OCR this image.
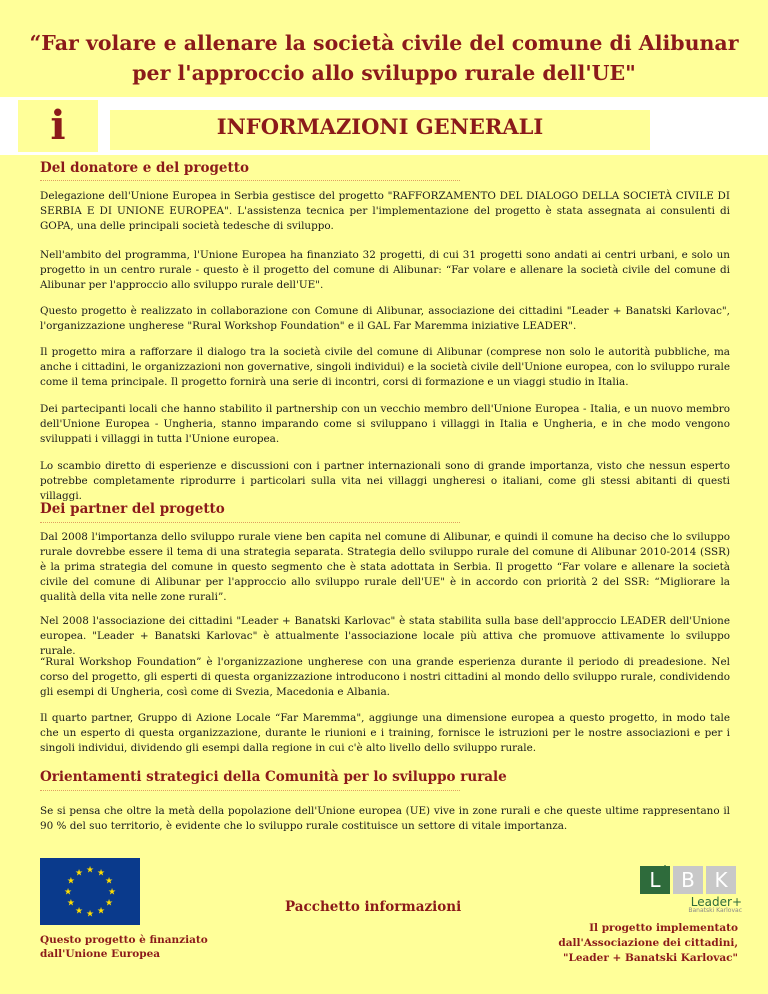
“Far volare e allenare la società civile del comune di Alibunar
per l'approccio allo sviluppo rurale dell'UE"
i	INFORMAZIONI GENERALI
Del donatore e del progetto
Delegazione dell'Unione Europea in Serbia gestisce del progetto "RAFFORZAMENTO DEL DIALOGO DELLA SOCIETÀ CIVILE DI SERBIA E DI UNIONE EUROPEA". L'assistenza tecnica per l'implementazione del progetto è stata assegnata ai consulenti di GOPA, una delle principali società tedesche di sviluppo.
Nell'ambito del programma, l'Unione Europea ha finanziato 32 progetti, di cui 31 progetti sono andati ai centri urbani, e solo un progetto in un centro rurale - questo è il progetto del comune di Alibunar: “Far volare e allenare la società civile del comune di Alibunar per l'approccio allo sviluppo rurale dell'UE".
Questo progetto è realizzato in collaborazione con Comune di Alibunar, associazione dei cittadini "Leader + Banatski Karlovac", l'organizzazione ungherese "Rural Workshop Foundation" e il GAL Far Maremma iniziative LEADER".
Il progetto mira a rafforzare il dialogo tra la società civile del comune di Alibunar (comprese non solo le autorità pubbliche, ma anche i cittadini, le organizzazioni non governative, singoli individui) e la società civile dell'Unione europea, con lo sviluppo rurale come il tema principale. Il progetto fornirà una serie di incontri, corsi di formazione e un viaggi studio in Italia.
Dei partecipanti locali che hanno stabilito il partnership con un vecchio membro dell'Unione Europea - Italia, e un nuovo membro dell'Unione Europea - Ungheria, stanno imparando come si sviluppano i villaggi in Italia e Ungheria, e in che modo vengono sviluppati i villaggi in tutta l'Unione europea.
Lo scambio diretto di esperienze e discussioni con i partner internazionali sono di grande importanza, visto che nessun esperto potrebbe completamente riprodurre i particolari sulla vita nei villaggi ungheresi o italiani, come gli stessi abitanti di questi villaggi.
Dei partner del progetto
Dal 2008 l'importanza dello sviluppo rurale viene ben capita nel comune di Alibunar, e quindi il comune ha deciso che lo sviluppo rurale dovrebbe essere il tema di una strategia separata. Strategia dello sviluppo rurale del comune di Alibunar 2010-2014 (SSR) è la prima strategia del comune in questo segmento che è stata adottata in Serbia. Il progetto “Far volare e allenare la società civile del comune di Alibunar per l'approccio allo sviluppo rurale dell'UE" è in accordo con priorità 2 del SSR: “Migliorare la qualità della vita nelle zone rurali”.
Nel 2008 l'associazione dei cittadini "Leader + Banatski Karlovac" è stata stabilita sulla base dell'approccio LEADER dell'Unione europea. "Leader + Banatski Karlovac" è attualmente l'associazione locale più attiva che promuove attivamente lo sviluppo rurale.
“Rural Workshop Foundation” è l'organizzazione ungherese con una grande esperienza durante il periodo di preadesione. Nel corso del progetto, gli esperti di questa organizzazione introducono i nostri cittadini al mondo dello sviluppo rurale, condividendo gli esempi di Ungheria, così come di Svezia, Macedonia e Albania.
Il quarto partner, Gruppo di Azione Locale “Far Maremma", aggiunge una dimensione europea a questo progetto, in modo tale che un esperto di questa organizzazione, durante le riunioni e i training, fornisce le istruzioni per le nostre associazioni e per i singoli individui, dividendo gli esempi dalla regione in cui c'è alto livello dello sviluppo rurale.
Orientamenti strategici della Comunità per lo sviluppo rurale
Se si pensa che oltre la metà della popolazione dell'Unione europea (UE) vive in zone rurali e che queste ultime rappresentano il 90 % del suo territorio, è evidente che lo sviluppo rurale costituisce un settore di vitale importanza.
★ ★
★
★
★
★
★
★
★
★
★
★
Questo progetto è finanziato
dall'Unione Europea
Pacchetto informazioni
L	B K
+
Leader+
Banatski Karlovac
Il progetto implementato
dall'Associazione dei cittadini,
"Leader + Banatski Karlovac"
